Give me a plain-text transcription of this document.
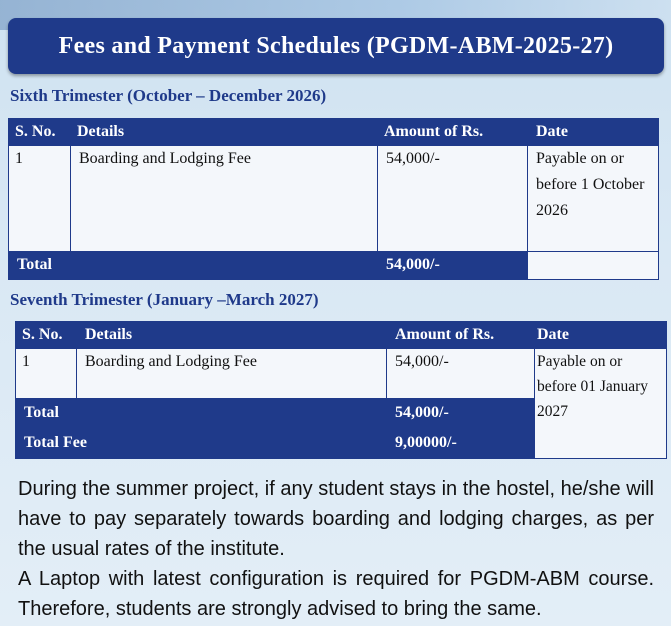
Fees and Payment Schedules (PGDM-ABM-2025-27)
Sixth Trimester (October – December 2026)
S. No.	Details	Amount of Rs.	Date

1	Boarding and Lodging Fee	54,000/-	Payable on or before 1 October 2026

Total		54,000/-	

Seventh Trimester (January –March 2027)
S. No.	Details	Amount of Rs.	Date

1	Boarding and Lodging Fee	54,000/-	Payable on or before 01 January 2027

Total		54,000/-	

Total Fee		9,00000/-	

During the summer project, if any student stays in the hostel, he/she will have to pay separately towards boarding and lodging charges, as per the usual rates of the institute.

A Laptop with latest configuration is required for PGDM-ABM course. Therefore, students are strongly advised to bring the same.
